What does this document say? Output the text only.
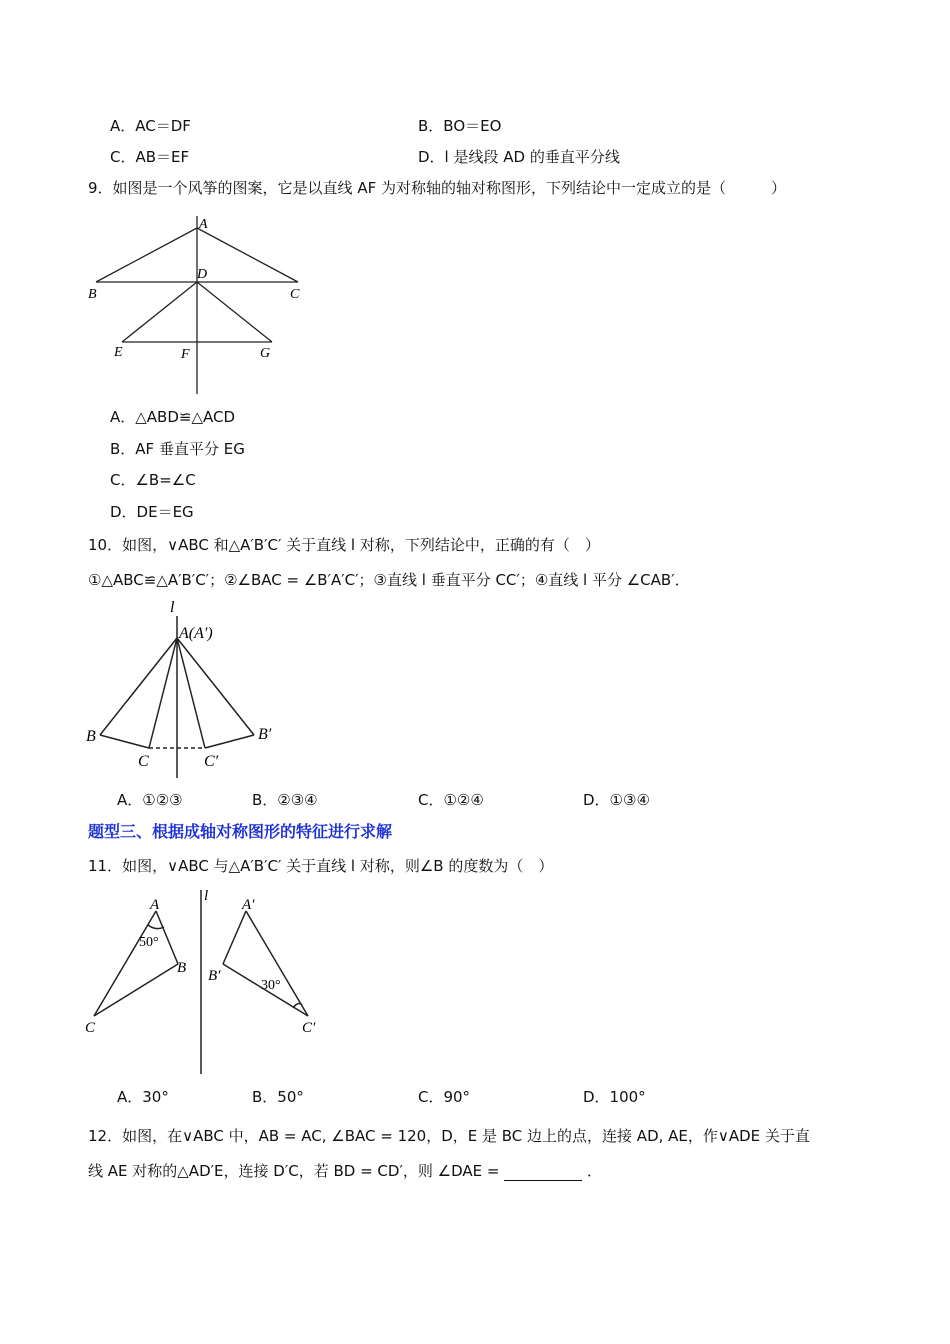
A．AC＝DF	B．BO＝EO
C．AB＝EF	D．l 是线段 AD 的垂直平分线
9．如图是一个风筝的图案，它是以直线 AF 为对称轴的轴对称图形，下列结论中一定成立的是（　　　）
A
B	C
D
E	F	G
A．△ABD≌△ACD
B．AF 垂直平分 EG
C．∠B=∠C
D．DE＝EG
10．如图，∨ABC 和△A′B′C′ 关于直线 l 对称，下列结论中，正确的有（　）
①△ABC≌△A′B′C′；②∠BAC = ∠B′A′C′；③直线 l 垂直平分 CC′；④直线 l 平分 ∠CAB′．
l
A(A′)
B	B′
C	C′
A．①②③	B．②③④	C．①②④	D．①③④
题型三、根据成轴对称图形的特征进行求解
11．如图，∨ABC 与△A′B′C′ 关于直线 l 对称，则∠B 的度数为（　）
A
B
C
50°
l
A′
B′
C′
30°
A．30°	B．50°	C．90°	D．100°
12．如图，在∨ABC 中，AB = AC, ∠BAC = 120，D，E 是 BC 边上的点，连接 AD, AE，作∨ADE 关于直
线 AE 对称的△AD′E，连接 D′C，若 BD = CD′，则 ∠DAE =	．
